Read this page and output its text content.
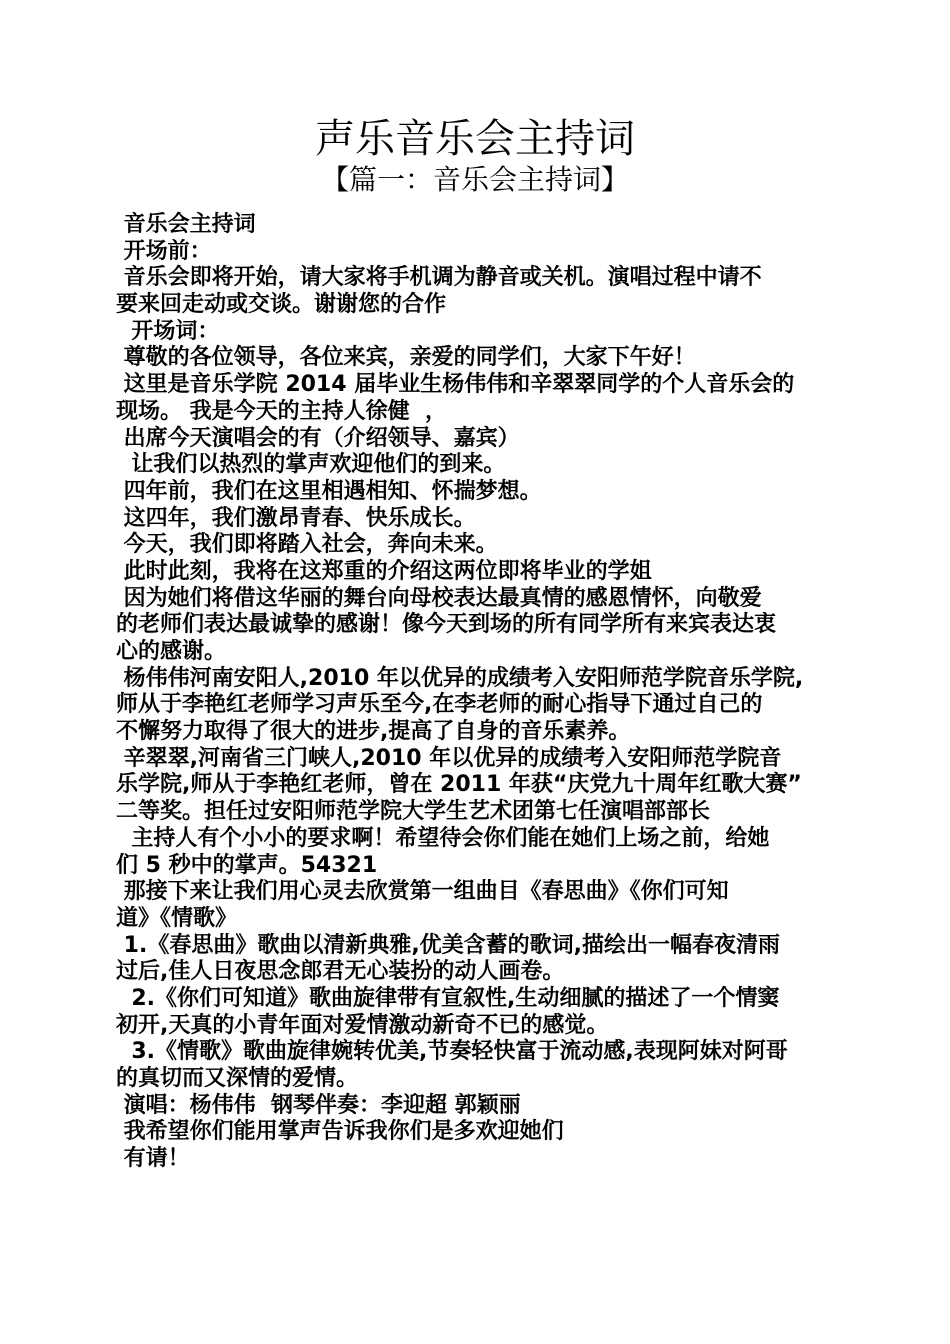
声乐音乐会主持词
【篇一：音乐会主持词】
音乐会主持词
开场前：
音乐会即将开始，请大家将手机调为静音或关机。演唱过程中请不
要来回走动或交谈。谢谢您的合作
开场词：
尊敬的各位领导，各位来宾，亲爱的同学们，大家下午好！
这里是音乐学院 2014 届毕业生杨伟伟和辛翠翠同学的个人音乐会的
现场。 我是今天的主持人徐健  ，
出席今天演唱会的有（介绍领导、嘉宾）
让我们以热烈的掌声欢迎他们的到来。
四年前，我们在这里相遇相知、怀揣梦想。
这四年，我们激昂青春、快乐成长。
今天，我们即将踏入社会，奔向未来。
此时此刻，我将在这郑重的介绍这两位即将毕业的学姐
因为她们将借这华丽的舞台向母校表达最真情的感恩情怀，向敬爱
的老师们表达最诚挚的感谢！像今天到场的所有同学所有来宾表达衷
心的感谢。
杨伟伟河南安阳人,2010 年以优异的成绩考入安阳师范学院音乐学院,
师从于李艳红老师学习声乐至今,在李老师的耐心指导下通过自己的
不懈努力取得了很大的进步,提高了自身的音乐素养。
辛翠翠,河南省三门峡人,2010 年以优异的成绩考入安阳师范学院音
乐学院,师从于李艳红老师，曾在 2011 年获“庆党九十周年红歌大赛”
二等奖。担任过安阳师范学院大学生艺术团第七任演唱部部长
主持人有个小小的要求啊！希望待会你们能在她们上场之前，给她
们 5 秒中的掌声。54321
那接下来让我们用心灵去欣赏第一组曲目《春思曲》《你们可知
道》《情歌》
1.《春思曲》歌曲以清新典雅,优美含蓄的歌词,描绘出一幅春夜清雨
过后,佳人日夜思念郎君无心装扮的动人画卷。
2.《你们可知道》歌曲旋律带有宣叙性,生动细腻的描述了一个情窦
初开,天真的小青年面对爱情激动新奇不已的感觉。
3.《情歌》歌曲旋律婉转优美,节奏轻快富于流动感,表现阿妹对阿哥
的真切而又深情的爱情。
演唱：杨伟伟  钢琴伴奏：李迎超 郭颖丽
我希望你们能用掌声告诉我你们是多欢迎她们
有请！
